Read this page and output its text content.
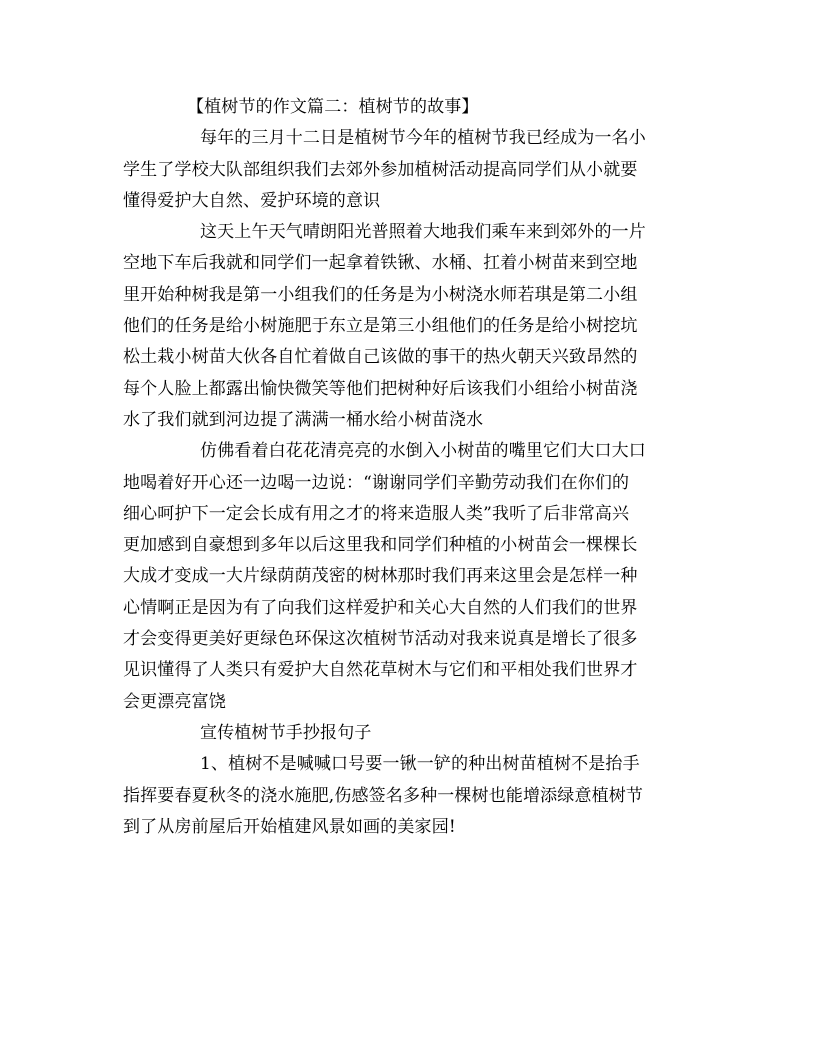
【植树节的作文篇二：植树节的故事】
每年的三月十二日是植树节今年的植树节我已经成为一名小
学生了学校大队部组织我们去郊外参加植树活动提高同学们从小就要
懂得爱护大自然、爱护环境的意识
这天上午天气晴朗阳光普照着大地我们乘车来到郊外的一片
空地下车后我就和同学们一起拿着铁锹、水桶、扛着小树苗来到空地
里开始种树我是第一小组我们的任务是为小树浇水师若琪是第二小组
他们的任务是给小树施肥于东立是第三小组他们的任务是给小树挖坑
松土栽小树苗大伙各自忙着做自己该做的事干的热火朝天兴致昂然的
每个人脸上都露出愉快微笑等他们把树种好后该我们小组给小树苗浇
水了我们就到河边提了满满一桶水给小树苗浇水
仿佛看着白花花清亮亮的水倒入小树苗的嘴里它们大口大口
地喝着好开心还一边喝一边说：“谢谢同学们辛勤劳动我们在你们的
细心呵护下一定会长成有用之才的将来造服人类”我听了后非常高兴
更加感到自豪想到多年以后这里我和同学们种植的小树苗会一棵棵长
大成才变成一大片绿荫荫茂密的树林那时我们再来这里会是怎样一种
心情啊正是因为有了向我们这样爱护和关心大自然的人们我们的世界
才会变得更美好更绿色环保这次植树节活动对我来说真是增长了很多
见识懂得了人类只有爱护大自然花草树木与它们和平相处我们世界才
会更漂亮富饶
宣传植树节手抄报句子
1、植树不是喊喊口号要一锹一铲的种出树苗植树不是抬手
指挥要春夏秋冬的浇水施肥,伤感签名多种一棵树也能增添绿意植树节
到了从房前屋后开始植建风景如画的美家园!
